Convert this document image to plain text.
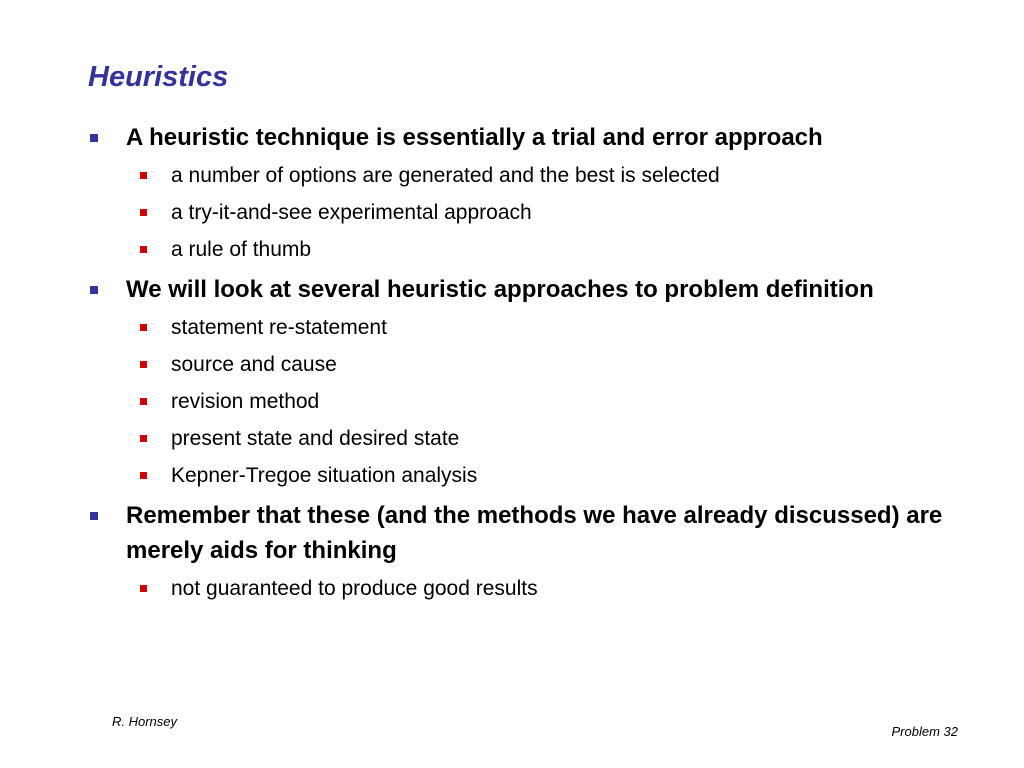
Heuristics
A heuristic technique is essentially a trial and error approach
a number of options are generated and the best is selected
a try-it-and-see experimental approach
a rule of thumb
We will look at several heuristic approaches to problem definition
statement re-statement
source and cause
revision method
present state and desired state
Kepner-Tregoe situation analysis
Remember that these (and the methods we have already discussed) are merely aids for thinking
not guaranteed to produce good results
R. Hornsey
Problem 32
